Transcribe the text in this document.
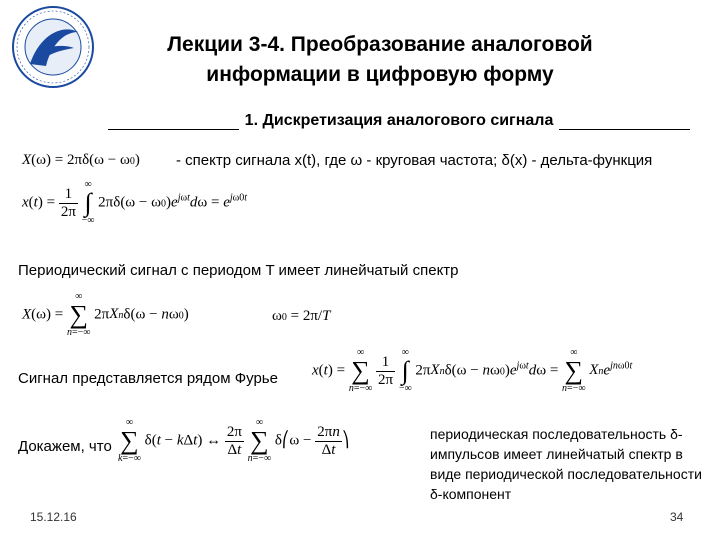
Лекции 3-4. Преобразование аналоговой информации в цифровую форму
1. Дискретизация аналогового сигнала
X(ω) = 2πδ(ω − ω0) - спектр сигнала x(t), где ω - круговая частота; δ(x) - дельта-функция
$x(t) = \frac{1}{2\pi}$

∞
∫
−∞
$2\pi\delta(\omega - \omega 0)e^{j\omega t}d\omega = e^{j\omega 0t}$
Периодический сигнал с периодом T имеет линейчатый спектр
X(ω) =
∞
∑
n=−∞
2πXnδ(ω − nω0)	ω0 = 2π/T
Сигнал представляется рядом Фурье x(t) =
∞
∑
n=−∞
$\frac{1}{2\pi}$

∞
∫
−∞
$2\pi Xn\delta(\omega - n\omega 0)e^{j\omega t}d\omega$ =
∞
∑
n=−∞
Xne$^{jn\omega 0t}$
Докажем, что
∞
∑
k=−∞
δ(t − kΔt) ↔ $\frac{2\pi}{\Delta t}$

∞
∑
n=−∞
δ⎛ω − $\frac{2\pi n}{\Delta t}$ ⎞	периодическая последовательность δ-импульсов имеет линейчатый спектр в виде периодической последовательности δ-компонент
15.12.16	34
